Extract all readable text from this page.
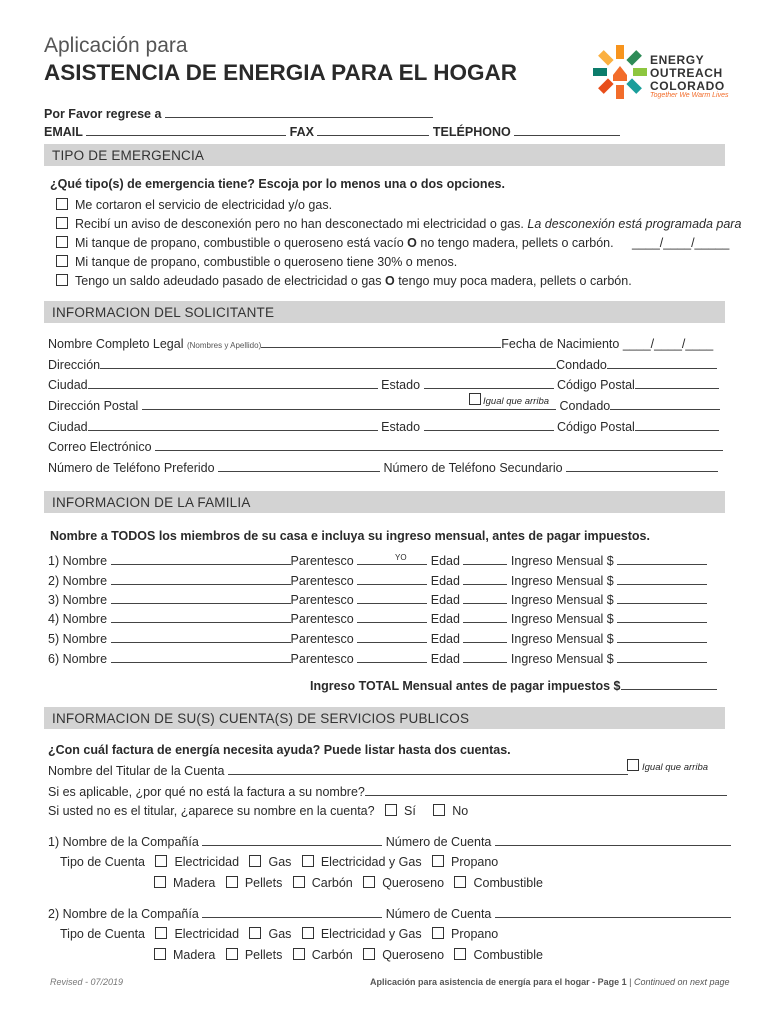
Aplicación para
ASISTENCIA DE ENERGIA PARA EL HOGAR	ENERGY
OUTREACH
COLORADO
Together We Warm Lives
Por Favor regrese a
EMAIL	FAX	TELÉPHONO
TIPO DE EMERGENCIA
¿Qué tipo(s) de emergencia tiene? Escoja por lo menos una o dos opciones.
Me cortaron el servicio de electricidad y/o gas.
Recibí un aviso de desconexión pero no han desconectado mi electricidad o gas. La desconexión está programada para
Mi tanque de propano, combustible o queroseno está vacío O no tengo madera, pellets o carbón. ____/____/_____
Mi tanque de propano, combustible o queroseno tiene 30% o menos.
Tengo un saldo adeudado pasado de electricidad o gas O tengo muy poca madera, pellets o carbón.
INFORMACION DEL SOLICITANTE
Nombre Completo Legal (Nombres y Apellido)	Fecha de Nacimiento ____/____/____
Dirección	Condado
Ciudad	Estado	Código Postal
Dirección Postal	Igual que arriba Condado
Ciudad	Estado	Código Postal
Correo Electrónico
Número de Teléfono Preferido	Número de Teléfono Secundario
INFORMACION DE LA FAMILIA
Nombre a TODOS los miembros de su casa e incluya su ingreso mensual, antes de pagar impuestos.
1) Nombre	Parentesco	Edad	Ingreso Mensual $
2) Nombre	Parentesco	Edad	Ingreso Mensual $
3) Nombre	Parentesco	Edad	Ingreso Mensual $
4) Nombre	Parentesco	Edad	Ingreso Mensual $
5) Nombre	Parentesco	Edad	Ingreso Mensual $
6) Nombre	Parentesco	Edad	Ingreso Mensual $
YO
Ingreso TOTAL Mensual antes de pagar impuestos $
INFORMACION DE SU(S) CUENTA(S) DE SERVICIOS PUBLICOS
¿Con cuál factura de energía necesita ayuda? Puede listar hasta dos cuentas.
Nombre del Titular de la Cuenta	Igual que arriba
Si es aplicable, ¿por qué no está la factura a su nombre?
Si usted no es el titular, ¿aparece su nombre en la cuenta? Sí	No
1) Nombre de la Compañía	Número de Cuenta
Tipo de Cuenta Electricidad Gas Electricidad y Gas Propano
Madera Pellets Carbón Queroseno Combustible
2) Nombre de la Compañía	Número de Cuenta
Tipo de Cuenta Electricidad Gas Electricidad y Gas Propano
Madera Pellets Carbón Queroseno Combustible
Revised - 07/2019	Aplicación para asistencia de energía para el hogar - Page 1 | Continued on next page
